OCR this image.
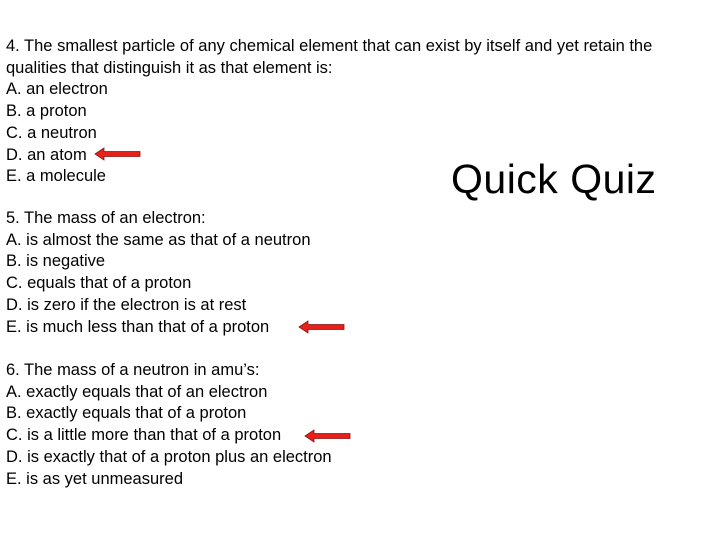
4. The smallest particle of any chemical element that can exist by itself and yet retain the
qualities that distinguish it as that element is:
A. an electron
B. a proton
C. a neutron
D. an atom
E. a molecule
5. The mass of an electron:
A. is almost the same as that of a neutron
B. is negative
C. equals that of a proton
D. is zero if the electron is at rest
E. is much less than that of a proton
6. The mass of a neutron in amu’s:
A. exactly equals that of an electron
B. exactly equals that of a proton
C. is a little more than that of a proton
D. is exactly that of a proton plus an electron
E. is as yet unmeasured
Quick Quiz
